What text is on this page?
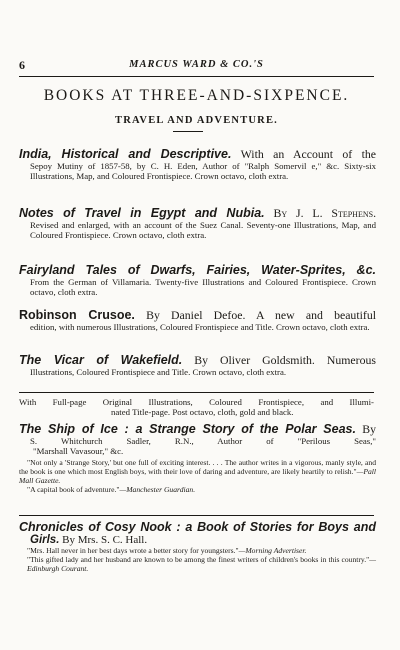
6	MARCUS WARD & CO.'S
BOOKS AT THREE-AND-SIXPENCE.
TRAVEL AND ADVENTURE.
India, Historical and Descriptive. With an Account of the
Sepoy Mutiny of 1857-58, by C. H. Eden, Author of "Ralph Somervil e," &c. Sixty-six Illustrations, Map, and Coloured Frontispiece. Crown octavo, cloth extra.
Notes of Travel in Egypt and Nubia. By J. L. Stephens.
Revised and enlarged, with an account of the Suez Canal. Seventy-one Illustrations, Map, and Coloured Frontispiece. Crown octavo, cloth extra.
Fairyland Tales of Dwarfs, Fairies, Water-Sprites, &c.
From the German of Villamaria. Twenty-five Illustrations and Coloured Frontispiece. Crown octavo, cloth extra.
Robinson Crusoe. By Daniel Defoe. A new and beautiful
edition, with numerous Illustrations, Coloured Frontispiece and Title. Crown octavo, cloth extra.
The Vicar of Wakefield. By Oliver Goldsmith. Numerous
Illustrations, Coloured Frontispiece and Title. Crown octavo, cloth extra.
With Full-page Original Illustrations, Coloured Frontispiece, and Illumi-
nated Title-page. Post octavo, cloth, gold and black.
The Ship of Ice : a Strange Story of the Polar Seas. By
S. Whitchurch Sadler, R.N., Author of "Perilous Seas,"
"Marshall Vavasour," &c.
"Not only a 'Strange Story,' but one full of exciting interest. . . . The author writes in a vigorous, manly style, and the book is one which most English boys, with their love of daring and adventure, are likely heartily to relish."—Pall Mall Gazette.
"A capital book of adventure."—Manchester Guardian.
Chronicles of Cosy Nook : a Book of Stories for Boys and
Girls. By Mrs. S. C. Hall.
"Mrs. Hall never in her best days wrote a better story for youngsters."—Morning Advertiser.
"This gifted lady and her husband are known to be among the finest writers of children's books in this country."—Edinburgh Courant.
